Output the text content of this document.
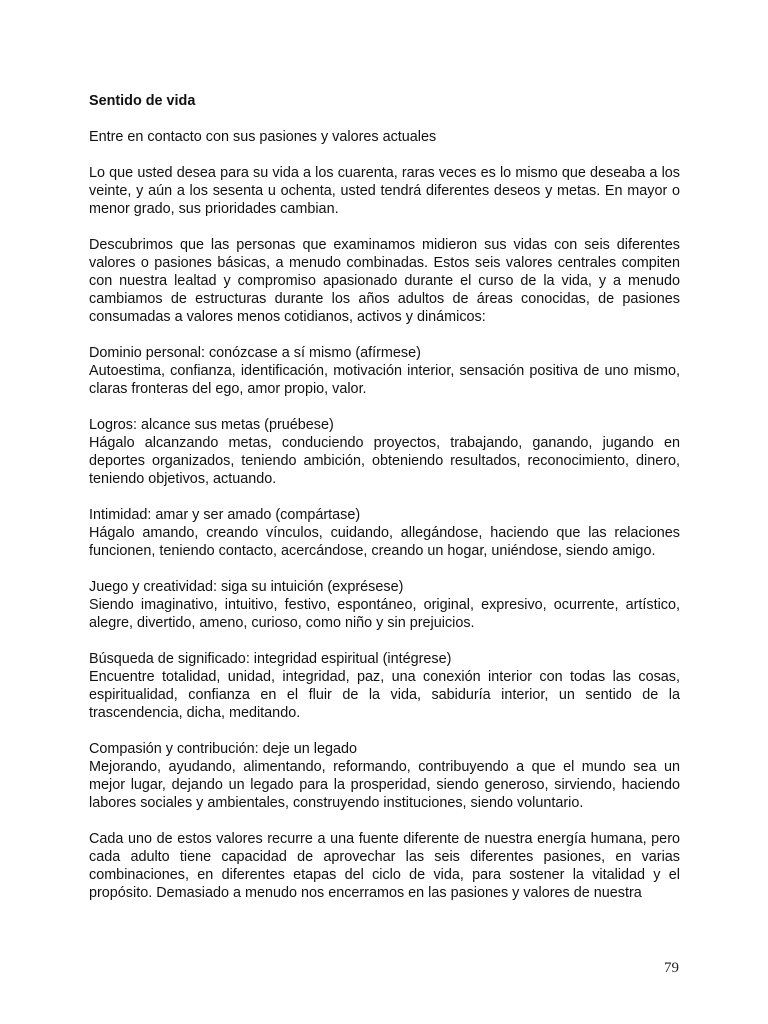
Sentido de vida
Entre en contacto con sus pasiones y valores actuales
Lo que usted desea para su vida a los cuarenta, raras veces es lo mismo que deseaba a los veinte, y aún a los sesenta u ochenta, usted tendrá diferentes deseos y metas. En mayor o menor grado, sus prioridades cambian.
Descubrimos que las personas que examinamos midieron sus vidas con seis diferentes valores o pasiones básicas, a menudo combinadas. Estos seis valores centrales compiten con nuestra lealtad y compromiso apasionado durante el curso de la vida, y a menudo cambiamos de estructuras durante los años adultos de áreas conocidas, de pasiones consumadas a valores menos cotidianos, activos y dinámicos:
Dominio personal: conózcase a sí mismo (afírmese)
Autoestima, confianza, identificación, motivación interior, sensación positiva de uno mismo, claras fronteras del ego, amor propio, valor.
Logros: alcance sus metas (pruébese)
Hágalo alcanzando metas, conduciendo proyectos, trabajando, ganando, jugando en deportes organizados, teniendo ambición, obteniendo resultados, reconocimiento, dinero, teniendo objetivos, actuando.
Intimidad: amar y ser amado (compártase)
Hágalo amando, creando vínculos, cuidando, allegándose, haciendo que las relaciones funcionen, teniendo contacto, acercándose, creando un hogar, uniéndose, siendo amigo.
Juego y creatividad: siga su intuición (exprésese)
Siendo imaginativo, intuitivo, festivo, espontáneo, original, expresivo, ocurrente, artístico, alegre, divertido, ameno, curioso, como niño y sin prejuicios.
Búsqueda de significado: integridad espiritual (intégrese)
Encuentre totalidad, unidad, integridad, paz, una conexión interior con todas las cosas, espiritualidad, confianza en el fluir de la vida, sabiduría interior, un sentido de la trascendencia, dicha, meditando.
Compasión y contribución: deje un legado
Mejorando, ayudando, alimentando, reformando, contribuyendo a que el mundo sea un mejor lugar, dejando un legado para la prosperidad, siendo generoso, sirviendo, haciendo labores sociales y ambientales, construyendo instituciones, siendo voluntario.
Cada uno de estos valores recurre a una fuente diferente de nuestra energía humana, pero cada adulto tiene capacidad de aprovechar las seis diferentes pasiones, en varias combinaciones, en diferentes etapas del ciclo de vida, para sostener la vitalidad y el propósito. Demasiado a menudo nos encerramos en las pasiones y valores de nuestra
79
